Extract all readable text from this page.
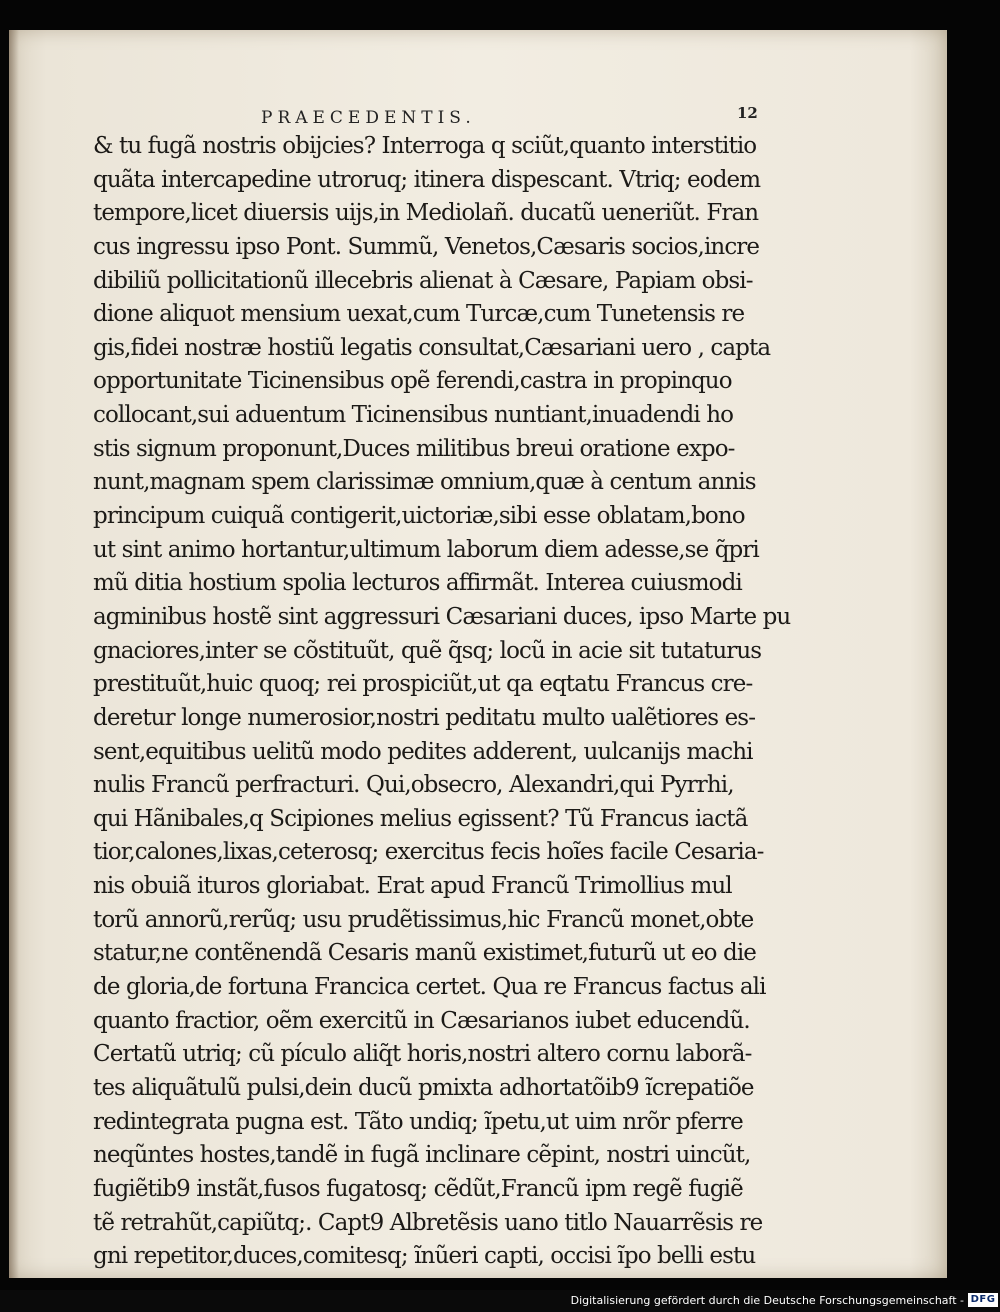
PRAECEDENTIS.	12
& tu fugã nostris obijcies? Interroga q sciũt,quanto interstitio
quãta intercapedine utroruq; itinera dispescant. Vtriq; eodem
tempore,licet diuersis uijs,in Mediolañ. ducatũ ueneriũt. Fran
cus ingressu ipso Pont. Summũ, Venetos,Cæsaris socios,incre
dibiliũ pollicitationũ illecebris alienat à Cæsare, Papiam obsi-
dione aliquot mensium uexat,cum Turcæ,cum Tunetensis re
gis,fidei nostræ hostiũ legatis consultat,Cæsariani uero , capta
opportunitate Ticinensibus opẽ ferendi,castra in propinquo
collocant,sui aduentum Ticinensibus nuntiant,inuadendi ho
stis signum proponunt,Duces militibus breui oratione expo-
nunt,magnam spem clarissimæ omnium,quæ à centum annis
principum cuiquã contigerit,uictoriæ,sibi esse oblatam,bono
ut sint animo hortantur,ultimum laborum diem adesse,se q̃pri
mũ ditia hostium spolia lecturos affirmãt. Interea cuiusmodi
agminibus hostẽ sint aggressuri Cæsariani duces, ipso Marte pu
gnaciores,inter se cõstituũt, quẽ q̃sq; locũ in acie sit tutaturus
prestituũt,huic quoq; rei prospiciũt,ut qa eqtatu Francus cre-
deretur longe numerosior,nostri peditatu multo ualẽtiores es-
sent,equitibus uelitũ modo pedites adderent, uulcanijs machi
nulis Francũ perfracturi. Qui,obsecro, Alexandri,qui Pyrrhi,
qui Hãnibales,q Scipiones melius egissent? Tũ Francus iactã
tior,calones,lixas,ceterosq; exercitus fecis hoĩes facile Cesaria-
nis obuiã ituros gloriabat. Erat apud Francũ Trimollius mul
torũ annorũ,rerũq; usu prudẽtissimus,hic Francũ monet,obte
statur,ne contẽnendã Cesaris manũ existimet,futurũ ut eo die
de gloria,de fortuna Francica certet. Qua re Francus factus ali
quanto fractior, oẽm exercitũ in Cæsarianos iubet educendũ.
Certatũ utriq; cũ pículo aliq̃t horis,nostri altero cornu laborã-
tes aliquãtulũ pulsi,dein ducũ pmixta adhortatõib9 ĩcrepatiõe
redintegrata pugna est. Tãto undiq; ĩpetu,ut uim nrõr pferre
neqũntes hostes,tandẽ in fugã inclinare cẽpint, nostri uincũt,
fugiẽtib9 instãt,fusos fugatosq; cẽdũt,Francũ ipm regẽ fugiẽ
tẽ retrahũt,capiũtq;. Capt9 Albretẽsis uano titlo Nauarrẽsis re
gni repetitor,duces,comitesq; ĩnũeri capti, occisi ĩpo belli estu
Digitalisierung gefördert durch die Deutsche Forschungsgemeinschaft - DFG
